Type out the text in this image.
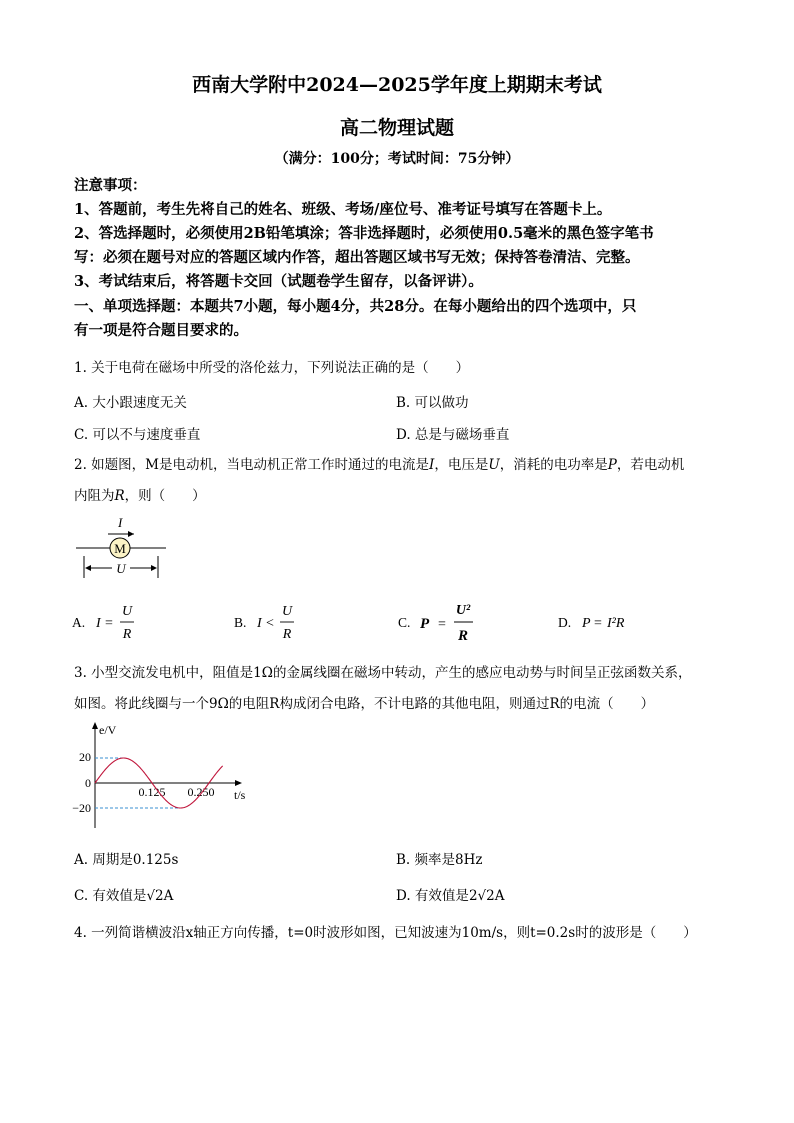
西南大学附中2024—2025学年度上期期末考试
高二物理试题
（满分：100分；考试时间：75分钟）
注意事项：
1、答题前，考生先将自己的姓名、班级、考场/座位号、准考证号填写在答题卡上。
2、答选择题时，必须使用2B铅笔填涂；答非选择题时，必须使用0.5毫米的黑色签字笔书
写：必须在题号对应的答题区域内作答，超出答题区域书写无效；保持答卷清洁、完整。
3、考试结束后，将答题卡交回（试题卷学生留存，以备评讲）。
一、单项选择题：本题共7小题，每小题4分，共28分。在每小题给出的四个选项中，只
有一项是符合题目要求的。
1. 关于电荷在磁场中所受的洛伦兹力，下列说法正确的是（　　）
A. 大小跟速度无关	B. 可以做功
C. 可以不与速度垂直	D. 总是与磁场垂直
2. 如题图，M是电动机，当电动机正常工作时通过的电流是I，电压是U，消耗的电功率是P，若电动机
内阻为R，则（　　）
M
I
U
A. I =
U
R
B. I <
U
R
C. P =
U²
R
D. P = I²R
3. 小型交流发电机中，阻值是1Ω的金属线圈在磁场中转动，产生的感应电动势与时间呈正弦函数关系，
如图。将此线圈与一个9Ω的电阻R构成闭合电路，不计电路的其他电阻，则通过R的电流（　　）
e/V
t/s
20
0
−20
0.125 0.250
A. 周期是0.125s	B. 频率是8Hz
C. 有效值是√2A	D. 有效值是2√2A
4. 一列简谐横波沿x轴正方向传播，t=0时波形如图，已知波速为10m/s，则t=0.2s时的波形是（　　）
